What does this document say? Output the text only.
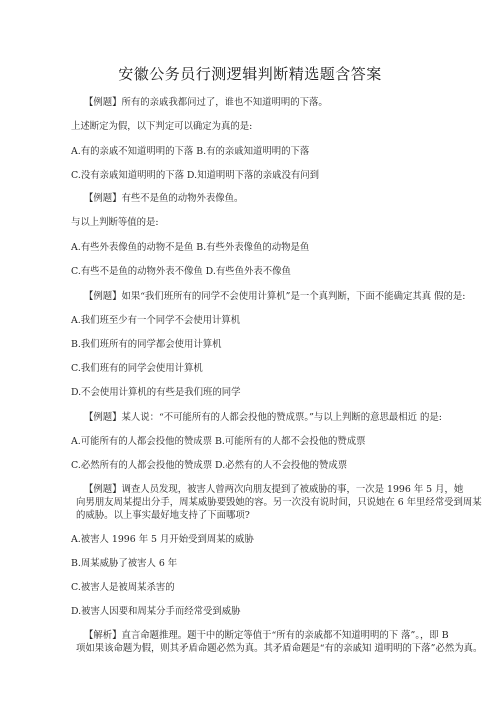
安徽公务员行测逻辑判断精选题含答案
【例题】所有的亲戚我都问过了，谁也不知道明明的下落。
上述断定为假，以下判定可以确定为真的是:
A.有的亲戚不知道明明的下落 B.有的亲戚知道明明的下落
C.没有亲戚知道明明的下落 D.知道明明下落的亲戚没有问到
【例题】有些不是鱼的动物外表像鱼。
与以上判断等值的是:
A.有些外表像鱼的动物不是鱼 B.有些外表像鱼的动物是鱼
C.有些不是鱼的动物外表不像鱼 D.有些鱼外表不像鱼
【例题】如果“我们班所有的同学不会使用计算机”是一个真判断，下面不能确定其真 假的是:
A.我们班至少有一个同学不会使用计算机
B.我们班所有的同学都会使用计算机
C.我们班有的同学会使用计算机
D.不会使用计算机的有些是我们班的同学
【例题】某人说：“不可能所有的人都会投他的赞成票。”与以上判断的意思最相近 的是:
A.可能所有的人都会投他的赞成票 B.可能所有的人都不会投他的赞成票
C.必然所有的人都会投他的赞成票 D.必然有的人不会投他的赞成票
【例题】调查人员发现，被害人曾两次向朋友提到了被威胁的事，一次是 1996 年 5 月，她
向男朋友周某提出分手，周某威胁要毁她的容。另一次没有说时间，只说她在 6 年里经常受到周某
的威胁。以上事实最好地支持了下面哪项?
A.被害人 1996 年 5 月开始受到周某的威胁
B.周某威胁了被害人 6 年
C.被害人是被周某杀害的
D.被害人因要和周某分手而经常受到威胁
【解析】直言命题推理。题干中的断定等值于“所有的亲戚都不知道明明的下 落”。，即 B
项如果该命题为假，则其矛盾命题必然为真。其矛盾命题是“有的亲戚知 道明明的下落”必然为真。
